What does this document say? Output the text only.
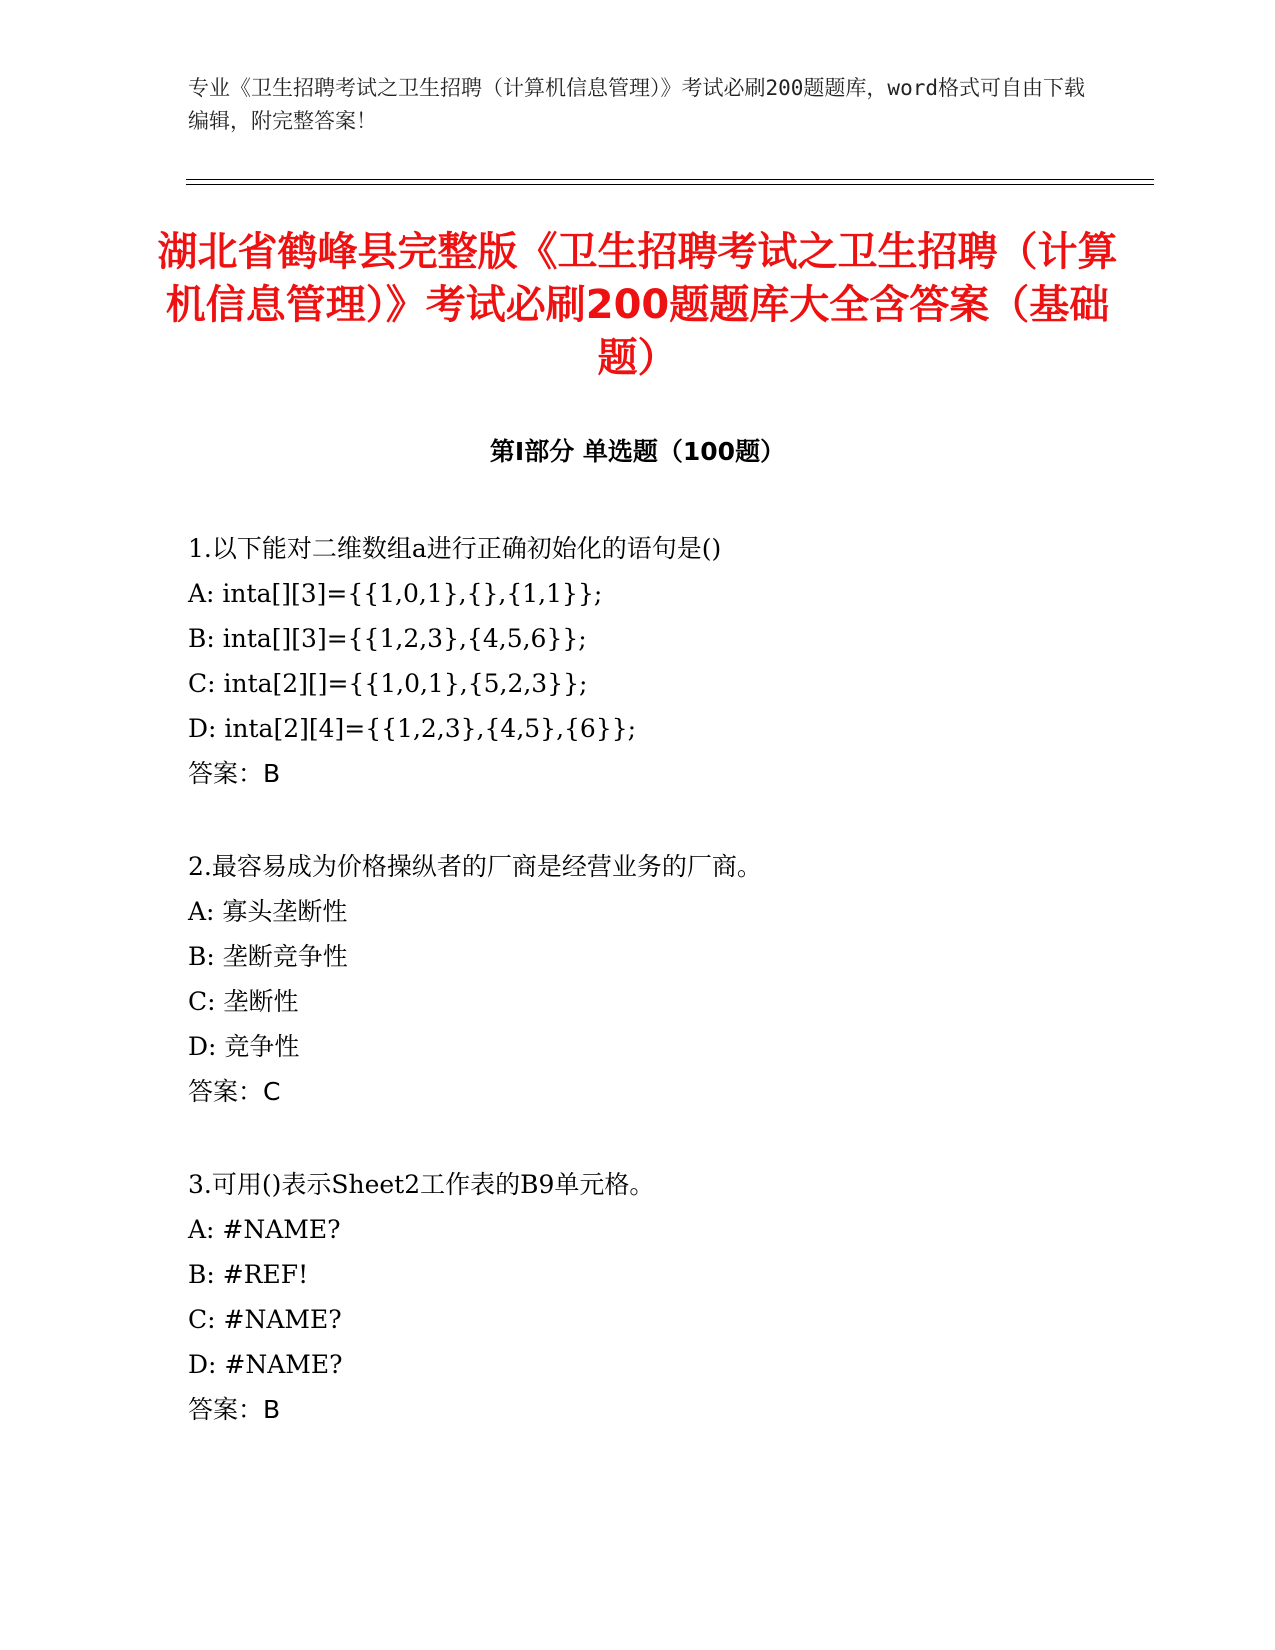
专业《卫生招聘考试之卫生招聘（计算机信息管理）》考试必刷200题题库，word格式可自由下载编辑，附完整答案！
湖北省鹤峰县完整版《卫生招聘考试之卫生招聘（计算机信息管理）》考试必刷200题题库大全含答案（基础题）
第Ⅰ部分 单选题（100题）
1.以下能对二维数组a进行正确初始化的语句是()
A: inta[][3]={{1,0,1},{},{1,1}};
B: inta[][3]={{1,2,3},{4,5,6}};
C: inta[2][]={{1,0,1},{5,2,3}};
D: inta[2][4]={{1,2,3},{4,5},{6}};
答案：B
2.最容易成为价格操纵者的厂商是经营业务的厂商。
A: 寡头垄断性
B: 垄断竞争性
C: 垄断性
D: 竞争性
答案：C
3.可用()表示Sheet2工作表的B9单元格。
A: #NAME?
B: #REF!
C: #NAME?
D: #NAME?
答案：B
